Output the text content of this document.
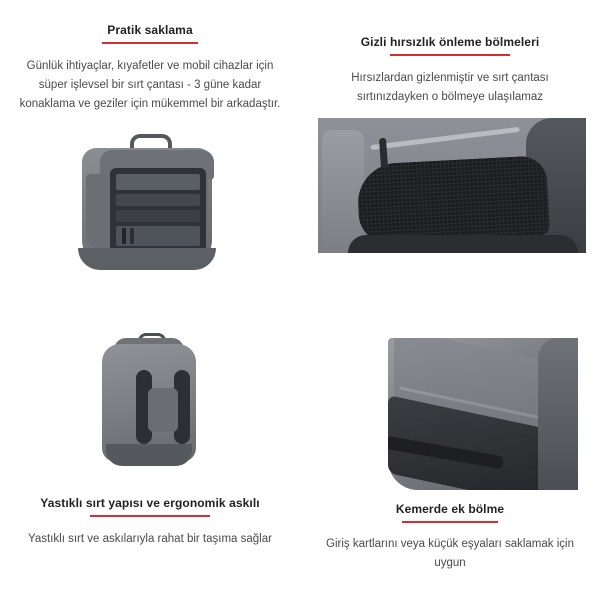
Pratik saklama
Günlük ihtiyaçlar, kıyafetler ve mobil cihazlar için süper işlevsel bir sırt çantası - 3 güne kadar konaklama ve geziler için mükemmel bir arkadaştır.
Gizli hırsızlık önleme bölmeleri
Hırsızlardan gizlenmiştir ve sırt çantası sırtınızdayken o bölmeye ulaşılamaz
Yastıklı sırt yapısı ve ergonomik askılı
Yastıklı sırt ve askılarıyla rahat bir taşıma sağlar
Kemerde ek bölme
Giriş kartlarını veya küçük eşyaları saklamak için uygun
